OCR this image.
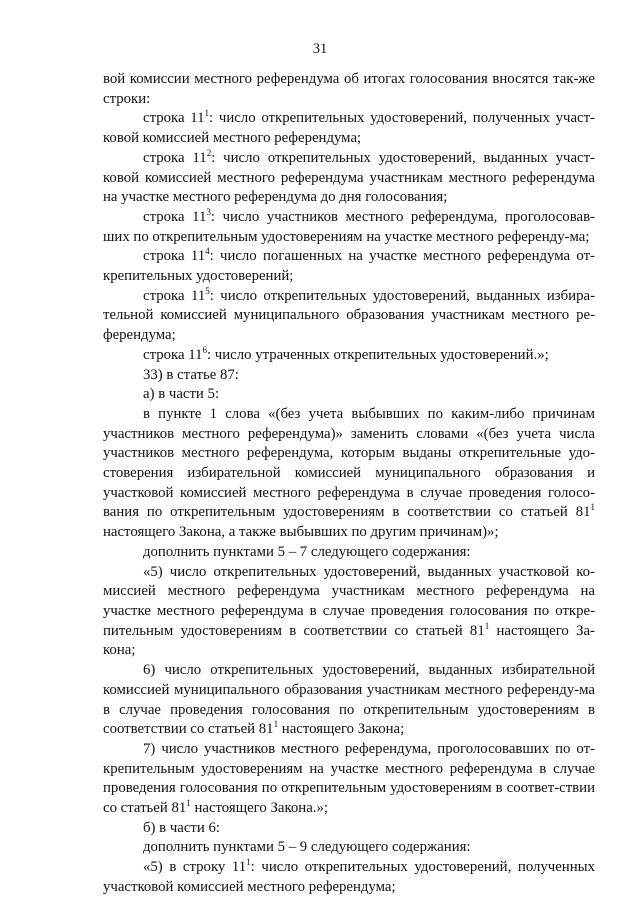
31

вой комиссии местного референдума об итогах голосования вносятся так-же строки:

строка $11^1$: число открепительных удостоверений, полученных участ-ковой комиссией местного референдума;

строка $11^2$: число открепительных удостоверений, выданных участ-ковой комиссией местного референдума участникам местного референдума на участке местного референдума до дня голосования;

строка $11^3$: число участников местного референдума, проголосовав-ших по открепительным удостоверениям на участке местного референду-ма;

строка $11^4$: число погашенных на участке местного референдума от-крепительных удостоверений;

строка $11^5$: число открепительных удостоверений, выданных избира-тельной комиссией муниципального образования участникам местного ре-ферендума;

строка $11^6$: число утраченных открепительных удостоверений.»;

33) в статье 87:

а) в части 5:

в пункте 1 слова «(без учета выбывших по каким-либо причинам участников местного референдума)» заменить словами «(без учета числа участников местного референдума, которым выданы открепительные удо-стоверения избирательной комиссией муниципального образования и участковой комиссией местного референдума в случае проведения голосо-вания по открепительным удостоверениям в соответствии со статьей $81^1$ настоящего Закона, а также выбывших по другим причинам)»;

дополнить пунктами 5 – 7 следующего содержания:

«5) число открепительных удостоверений, выданных участковой ко-миссией местного референдума участникам местного референдума на участке местного референдума в случае проведения голосования по откре-пительным удостоверениям в соответствии со статьей $81^1$ настоящего За-кона;

6) число открепительных удостоверений, выданных избирательной комиссией муниципального образования участникам местного референду-ма в случае проведения голосования по открепительным удостоверениям в соответствии со статьей $81^1$ настоящего Закона;

7) число участников местного референдума, проголосовавших по от-крепительным удостоверениям на участке местного референдума в случае проведения голосования по открепительным удостоверениям в соответ-ствии со статьей $81^1$ настоящего Закона.»;

б) в части 6:

дополнить пунктами 5 – 9 следующего содержания:

«5) в строку $11^1$: число открепительных удостоверений, полученных участковой комиссией местного референдума;
